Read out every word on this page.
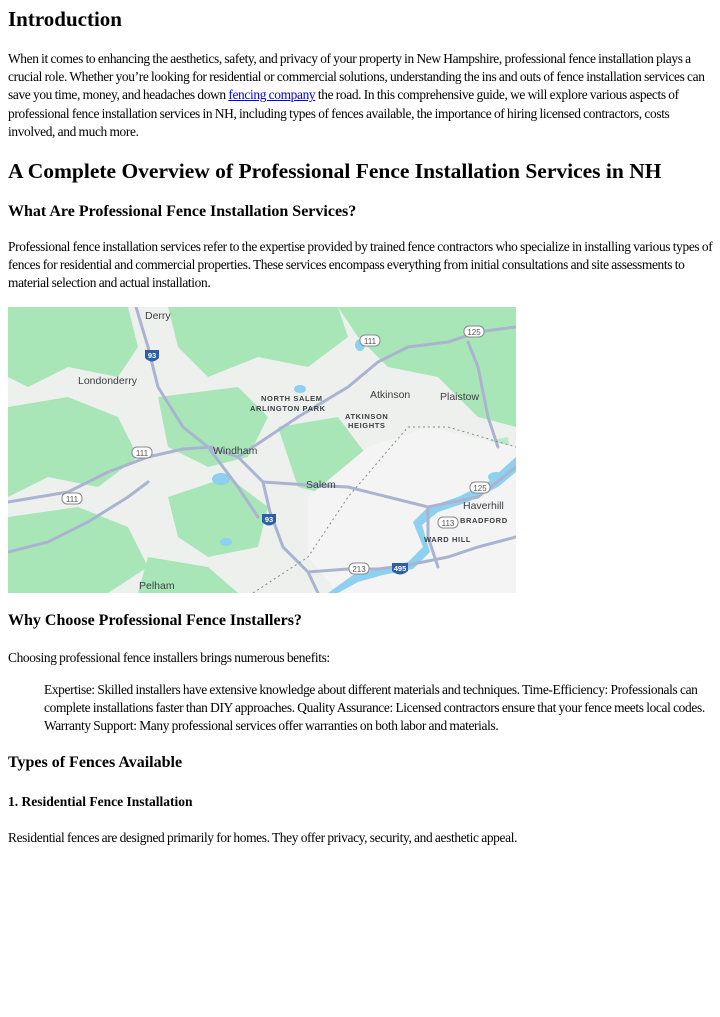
Introduction

When it comes to enhancing the aesthetics, safety, and privacy of your property in New Hampshire, professional fence installation plays a crucial role. Whether you’re looking for residential or commercial solutions, understanding the ins and outs of fence installation services can save you time, money, and headaches down fencing company the road. In this comprehensive guide, we will explore various aspects of professional fence installation services in NH, including types of fences available, the importance of hiring licensed contractors, costs involved, and much more.

A Complete Overview of Professional Fence Installation Services in NH
What Are Professional Fence Installation Services?

Professional fence installation services refer to the expertise provided by trained fence contractors who specialize in installing various types of fences for residential and commercial properties. These services encompass everything from initial consultations and site assessments to material selection and actual installation.

93
93
495
111
125
111
111
125
113
213
Derry
Londonderry
NORTH SALEM
ARLINGTON PARK
Atkinson
ATKINSON
HEIGHTS
Plaistow
Windham
Salem
Haverhill
BRADFORD
WARD HILL
Pelham
Why Choose Professional Fence Installers?

Choosing professional fence installers brings numerous benefits:

Expertise: Skilled installers have extensive knowledge about different materials and techniques. Time-Efficiency: Professionals can complete installations faster than DIY approaches. Quality Assurance: Licensed contractors ensure that your fence meets local codes. Warranty Support: Many professional services offer warranties on both labor and materials.

Types of Fences Available
1. Residential Fence Installation

Residential fences are designed primarily for homes. They offer privacy, security, and aesthetic appeal.
